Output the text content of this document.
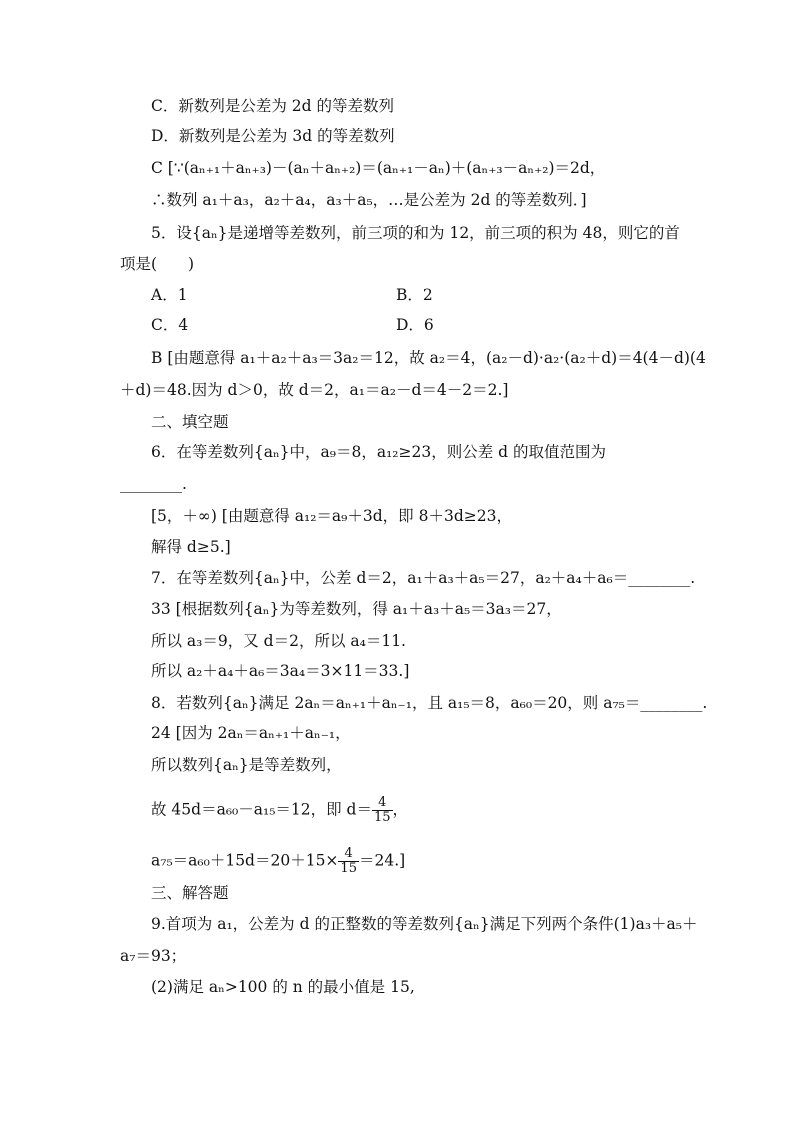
C．新数列是公差为 2d 的等差数列
D．新数列是公差为 3d 的等差数列
C [∵(aₙ₊₁＋aₙ₊₃)－(aₙ＋aₙ₊₂)＝(aₙ₊₁－aₙ)＋(aₙ₊₃－aₙ₊₂)＝2d，
∴数列 a₁＋a₃，a₂＋a₄，a₃＋a₅，…是公差为 2d 的等差数列．]
5．设{aₙ}是递增等差数列，前三项的和为 12，前三项的积为 48，则它的首
项是(　　)
A．1	B．2
C．4	D．6
B [由题意得 a₁＋a₂＋a₃＝3a₂＝12，故 a₂＝4，(a₂－d)·a₂·(a₂＋d)＝4(4－d)(4
＋d)＝48.因为 d＞0，故 d＝2，a₁＝a₂－d＝4－2＝2.]
二、填空题
6．在等差数列{aₙ}中，a₉＝8，a₁₂≥23，则公差 d 的取值范围为
________.
[5，＋∞) [由题意得 a₁₂＝a₉＋3d，即 8＋3d≥23，
解得 d≥5.]
7．在等差数列{aₙ}中，公差 d＝2，a₁＋a₃＋a₅＝27，a₂＋a₄＋a₆＝________.
33 [根据数列{aₙ}为等差数列，得 a₁＋a₃＋a₅＝3a₃＝27，
所以 a₃＝9，又 d＝2，所以 a₄＝11.
所以 a₂＋a₄＋a₆＝3a₄＝3×11＝33.]
8．若数列{aₙ}满足 2aₙ＝aₙ₊₁＋aₙ₋₁，且 a₁₅＝8，a₆₀＝20，则 a₇₅＝________.
24 [因为 2aₙ＝aₙ₊₁＋aₙ₋₁，
所以数列{aₙ}是等差数列，
故 45d＝a₆₀－a₁₅＝12，即 $d= \frac{4}{15}$ ，
$a_{75}=a_{60}+15d=20+15\times \frac{4}{15} =24$.]
三、解答题
9.首项为 a₁，公差为 d 的正整数的等差数列{aₙ}满足下列两个条件(1)a₃＋a₅＋
a₇＝93；
(2)满足 aₙ>100 的 n 的最小值是 15,
